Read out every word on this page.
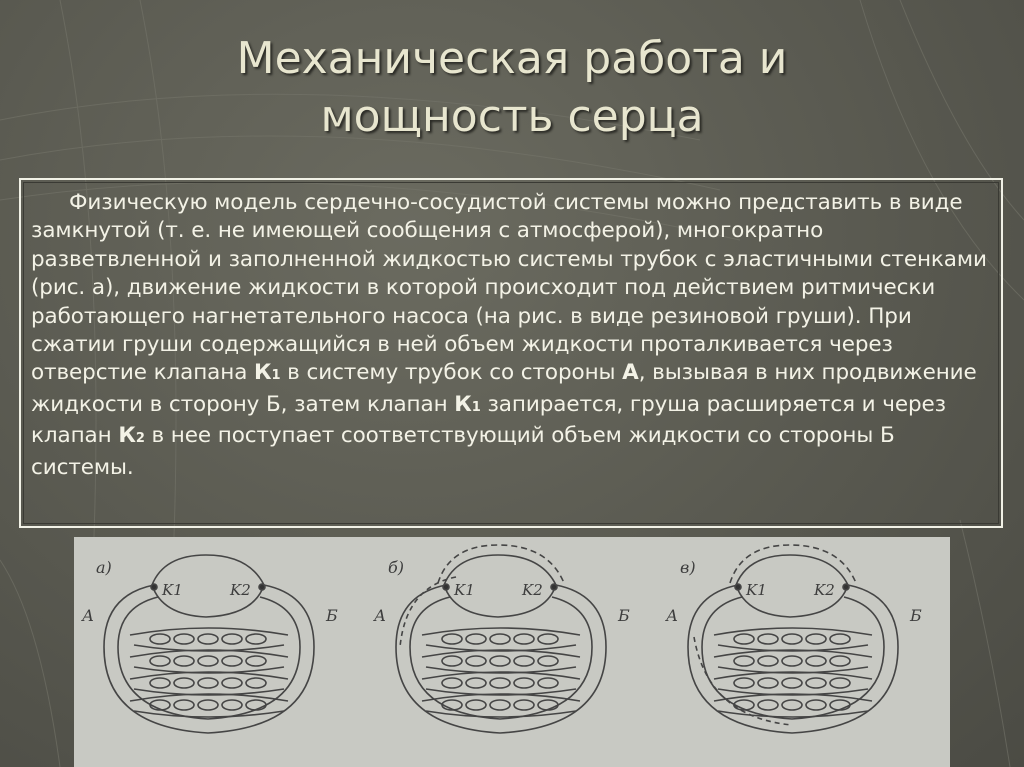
Механическая работа и
мощность серца

Физическую модель сердечно-сосудистой системы можно представить в виде замкнутой (т. е. не имеющей сообщения с атмосферой), многократно разветвленной и заполненной жидкостью системы трубок с эластичными стенками (рис. а), движение жидкости в которой происходит под действием ритмически работающего нагнетательного насоса (на рис. в виде резиновой груши). При сжатии груши содержащийся в ней объем жидкости проталкивается через отверстие клапана К1 в систему трубок со стороны А, вызывая в них продвижение жидкости в сторону Б, затем клапан К1 запирается, груша расширяется и через клапан К2 в нее поступает соответствующий объем жидкости со стороны Б системы.

а)
А	Б
K1	K2
б)
А	Б
K1	K2
в)
А	Б
K1	K2
